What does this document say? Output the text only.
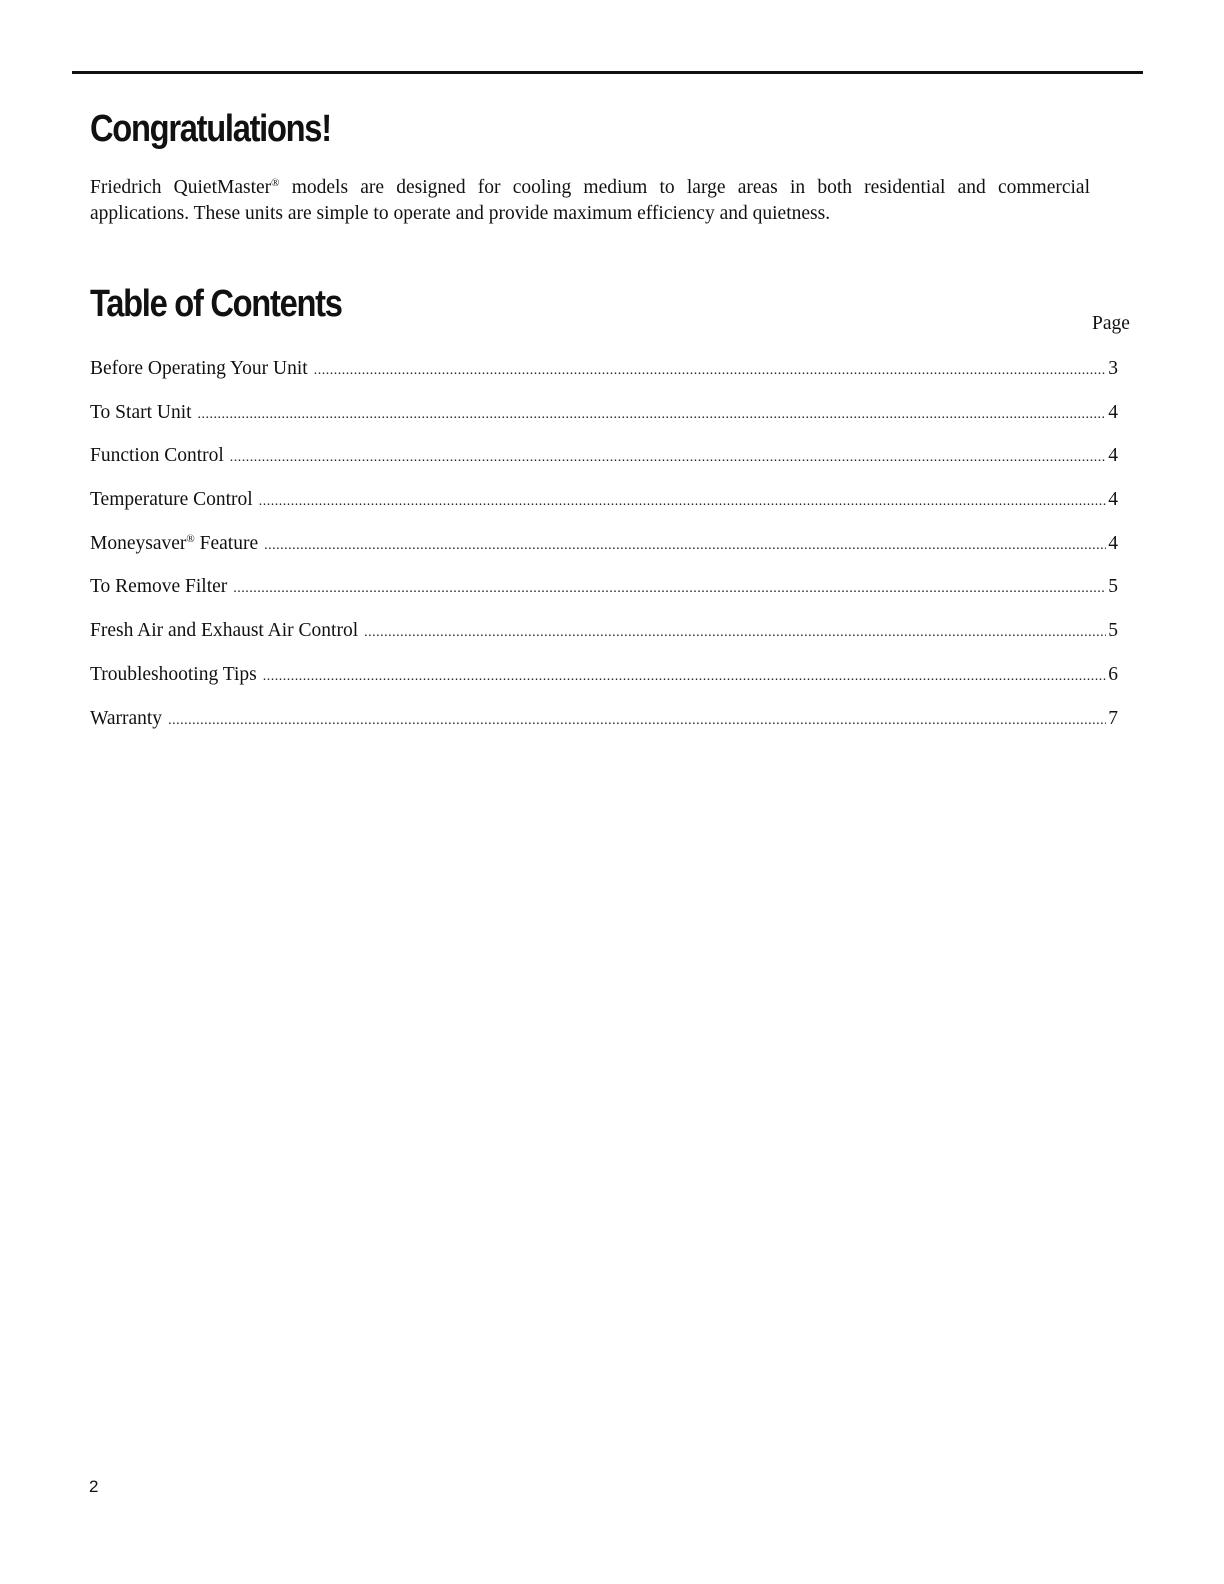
Congratulations!

Friedrich QuietMaster® models are designed for cooling medium to large areas in both residential and commercial
applications. These units are simple to operate and provide maximum efficiency and quietness.

Table of Contents	Page
Before Operating Your Unit .....	3
To Start Unit .....	4
Function Control .....	4
Temperature Control .....	4
Moneysaver® Feature .....	4
To Remove Filter .....	5
Fresh Air and Exhaust Air Control .....	5
Troubleshooting Tips .....	6
Warranty .....	7
2
